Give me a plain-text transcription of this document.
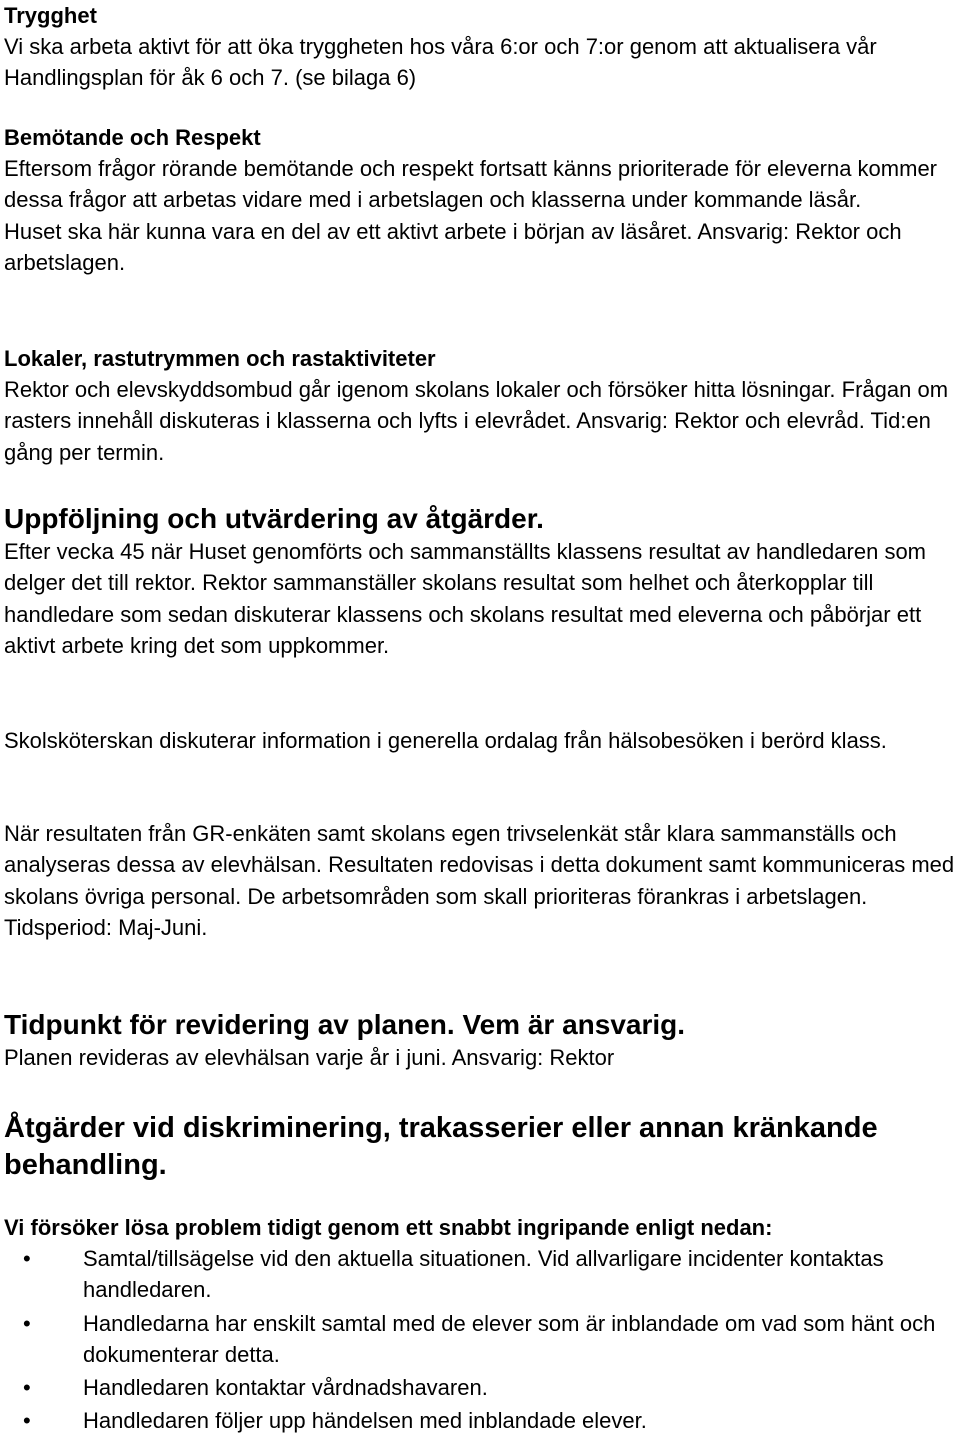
Trygghet
Vi ska arbeta aktivt för att öka tryggheten hos våra 6:or och 7:or genom att aktualisera vår Handlingsplan för åk 6 och 7. (se bilaga 6)
Bemötande och Respekt
Eftersom frågor rörande bemötande och respekt fortsatt känns prioriterade för eleverna kommer dessa frågor att arbetas vidare med i arbetslagen och klasserna under kommande läsår.
Huset ska här kunna vara en del av ett aktivt arbete i början av läsåret. Ansvarig: Rektor och arbetslagen.
Lokaler, rastutrymmen och rastaktiviteter
Rektor och elevskyddsombud går igenom skolans lokaler och försöker hitta lösningar. Frågan om rasters innehåll diskuteras i klasserna och lyfts i elevrådet. Ansvarig: Rektor och elevråd. Tid:en gång per termin.
Uppföljning och utvärdering av åtgärder.
Efter vecka 45 när Huset genomförts och sammanställts klassens resultat av handledaren som delger det till rektor. Rektor sammanställer skolans resultat som helhet och återkopplar till handledare som sedan diskuterar klassens och skolans resultat med eleverna och påbörjar ett aktivt arbete kring det som uppkommer.
Skolsköterskan diskuterar information i generella ordalag från hälsobesöken i berörd klass.
När resultaten från GR-enkäten samt skolans egen trivselenkät står klara sammanställs och analyseras dessa av elevhälsan. Resultaten redovisas i detta dokument samt kommuniceras med skolans övriga personal. De arbetsområden som skall prioriteras förankras i arbetslagen. Tidsperiod: Maj-Juni.
Tidpunkt för revidering av planen. Vem är ansvarig.
Planen revideras av elevhälsan varje år i juni. Ansvarig: Rektor
Åtgärder vid diskriminering, trakasserier eller annan kränkande behandling.
Vi försöker lösa problem tidigt genom ett snabbt ingripande enligt nedan:
• Samtal/tillsägelse vid den aktuella situationen. Vid allvarligare incidenter kontaktas handledaren.
• Handledarna har enskilt samtal med de elever som är inblandade om vad som hänt och dokumenterar detta.
• Handledaren kontaktar vårdnadshavaren.
• Handledaren följer upp händelsen med inblandade elever.
